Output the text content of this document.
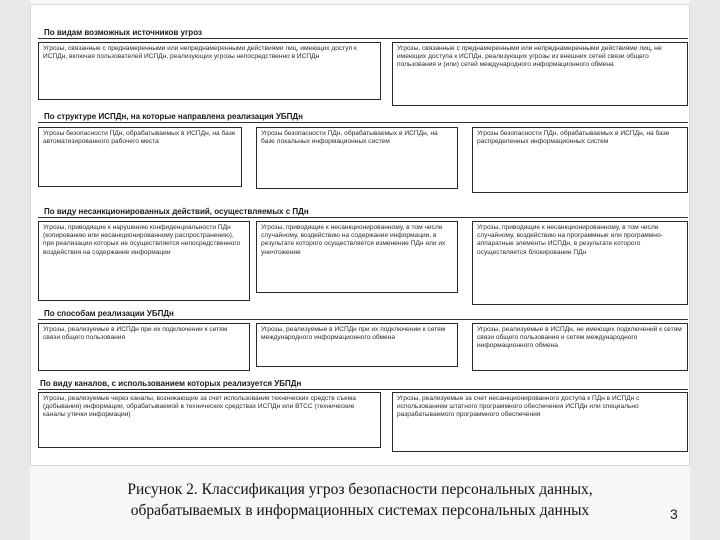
По видам возможных источников угроз
Угрозы, связанные с преднамеренными или непреднамеренными действиями лиц, имеющих доступ к ИСПДн, включая пользователей ИСПДн, реализующих угрозы непосредственно в ИСПДн
Угрозы, связанные с преднамеренными или непреднамеренными действиями лиц, не имеющих доступа к ИСПДн, реализующих угрозы из внешних сетей связи общего пользования и (или) сетей международного информационного обмена
По структуре ИСПДн, на которые направлена реализация УБПДн
Угрозы безопасности ПДн, обрабатываемых в ИСПДн, на базе автоматизированного рабочего места
Угрозы безопасности ПДн, обрабатываемых в ИСПДн, на базе локальных информационных систем
Угрозы безопасности ПДн, обрабатываемых в ИСПДн, на базе распределенных информационных систем
По виду несанкционированных действий, осуществляемых с ПДн
Угрозы, приводящие к нарушению конфиденциальности ПДн (копированию или несанкционированному распространению), при реализации которых не осуществляется непосредственного воздействия на содержание информации
Угрозы, приводящие к несанкционированному, в том числе случайному, воздействию на содержание информации, в результате которого осуществляется изменение ПДн или их уничтожение
Угрозы, приводящие к несанкционированному, в том числе случайному, воздействию на программные или программно-аппаратные элементы ИСПДн, в результате которого осуществляется блокирование ПДн
По способам реализации УБПДн
Угрозы, реализуемые в ИСПДн при их подключении к сетям связи общего пользования
Угрозы, реализуемые в ИСПДн при их подключении к сетям международного информационного обмена
Угрозы, реализуемые в ИСПДн, не имеющих подключений к сетям связи общего пользования и сетям международного информационного обмена
По виду каналов, с использованием которых реализуется УБПДн
Угрозы, реализуемые через каналы, возникающие за счет использования технических средств съема (добывания) информации, обрабатываемой в технических средствах ИСПДн или ВТСС (технические каналы утечки информации)
Угрозы, реализуемые за счет несанкционированного доступа к ПДн в ИСПДн с использованием штатного программного обеспечения ИСПДн или специально разрабатываемого программного обеспечения
Рисунок 2. Классификация угроз безопасности персональных данных,
обрабатываемых в информационных системах персональных данных	3
